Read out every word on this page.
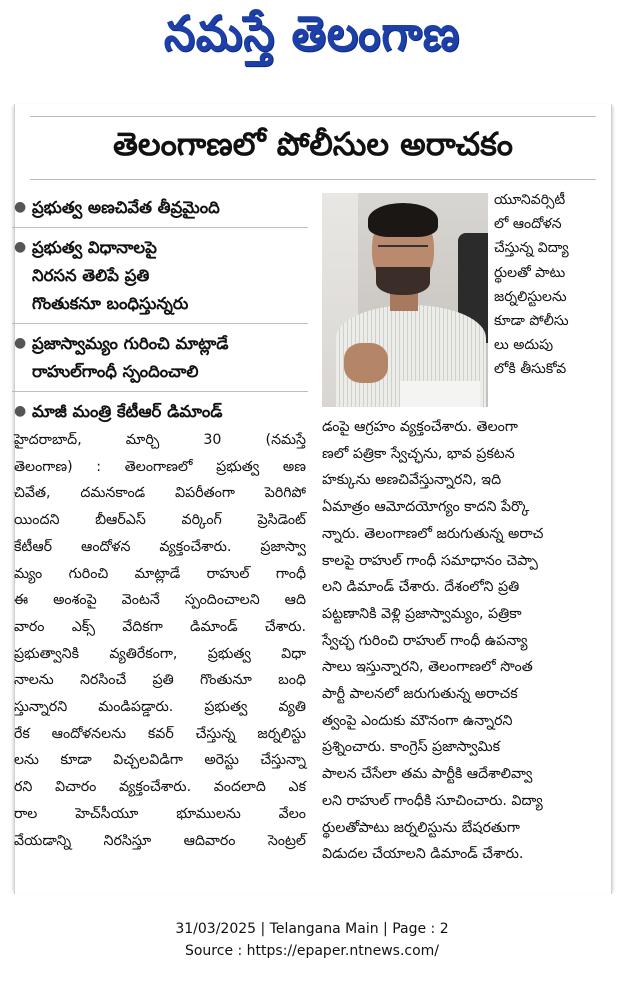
నమస్తే తెలంగాణ
తెలంగాణలో పోలీసుల అరాచకం
● ప్రభుత్వ అణచివేత తీవ్రమైంది
● ప్రభుత్వ విధానాలపై
నిరసన తెలిపే ప్రతి
గొంతుకనూ బంధిస్తున్నరు
● ప్రజాస్వామ్యం గురించి మాట్లాడే
రాహుల్‌గాంధీ స్పందించాలి
● మాజీ మంత్రి కేటీఆర్ డిమాండ్
యూనివర్సిటీ
లో ఆందోళన
చేస్తున్న విద్యా
ర్థులతో పాటు
జర్నలిస్టులను
కూడా పోలీసు
లు అదుపు
లోకి తీసుకోవ
హైదరాబాద్, మార్చి 30 (నమస్తే
తెలంగాణ) : తెలంగాణలో ప్రభుత్వ అణ
చివేత, దమనకాండ విపరీతంగా పెరిగిపో
యిందని బీఆర్‌ఎస్ వర్కింగ్ ప్రెసిడెంట్
కేటీఆర్ ఆందోళన వ్యక్తంచేశారు. ప్రజాస్వా
మ్యం గురించి మాట్లాడే రాహుల్ గాంధీ
ఈ అంశంపై వెంటనే స్పందించాలని ఆది
వారం ఎక్స్ వేదికగా డిమాండ్ చేశారు.
ప్రభుత్వానికి వ్యతిరేకంగా, ప్రభుత్వ విధా
నాలను నిరసించే ప్రతి గొంతునూ బంధి
స్తున్నారని మండిపడ్డారు. ప్రభుత్వ వ్యతి
రేక ఆందోళనలను కవర్ చేస్తున్న జర్నలిస్టు
లను కూడా విచ్చలవిడిగా అరెస్టు చేస్తున్నా
రని విచారం వ్యక్తంచేశారు. వందలాది ఎక
రాల హెచ్‌సీయూ భూములను వేలం
వేయడాన్ని నిరసిస్తూ ఆదివారం సెంట్రల్
డంపై ఆగ్రహం వ్యక్తంచేశారు. తెలంగా
ణలో పత్రికా స్వేచ్ఛను, భావ ప్రకటన
హక్కును అణచివేస్తున్నారని, ఇది
ఏమాత్రం ఆమోదయోగ్యం కాదని పేర్కొ
న్నారు. తెలంగాణలో జరుగుతున్న అరాచ
కాలపై రాహుల్ గాంధీ సమాధానం చెప్పా
లని డిమాండ్ చేశారు. దేశంలోని ప్రతి
పట్టణానికి వెళ్లి ప్రజాస్వామ్యం, పత్రికా
స్వేచ్ఛ గురించి రాహుల్ గాంధీ ఉపన్యా
సాలు ఇస్తున్నారని, తెలంగాణలో సొంత
పార్టీ పాలనలో జరుగుతున్న అరాచక
త్వంపై ఎందుకు మౌనంగా ఉన్నారని
ప్రశ్నించారు. కాంగ్రెస్ ప్రజాస్వామిక
పాలన చేసేలా తమ పార్టీకి ఆదేశాలివ్వా
లని రాహుల్ గాంధీకి సూచించారు. విద్యా
ర్థులతోపాటు జర్నలిస్టును బేషరతుగా
విడుదల చేయాలని డిమాండ్ చేశారు.
31/03/2025 | Telangana Main | Page : 2
Source : https://epaper.ntnews.com/
